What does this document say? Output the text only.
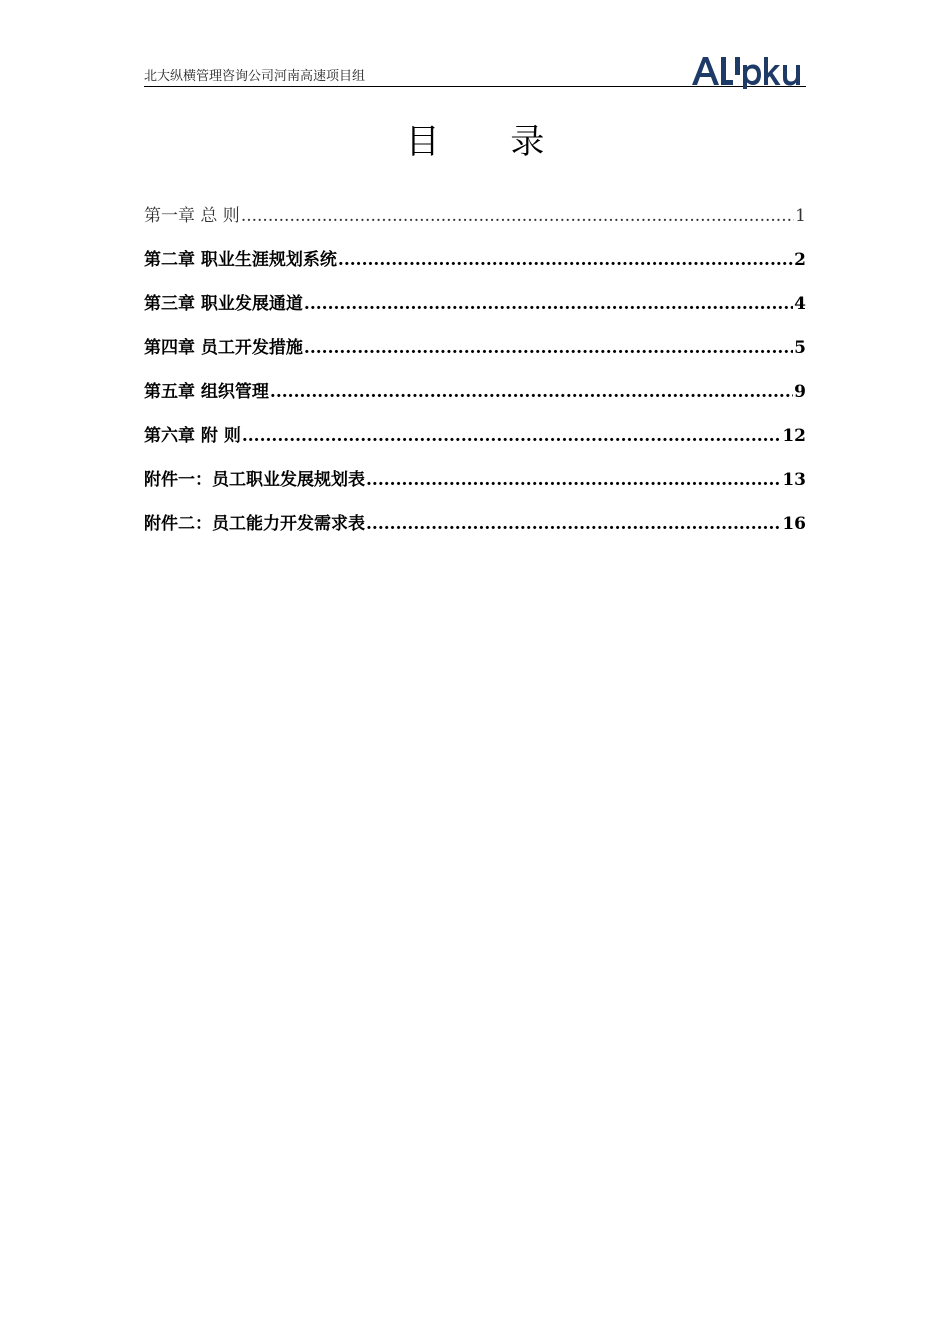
北大纵横管理咨询公司河南高速项目组
目 录
第一章 总 则 .....	1
第二章 职业生涯规划系统 .....	2
第三章 职业发展通道 .....	4
第四章 员工开发措施 .....	5
第五章 组织管理 .....	9
第六章 附 则 .....	12
附件一：员工职业发展规划表 .....	13
附件二：员工能力开发需求表 .....	16
